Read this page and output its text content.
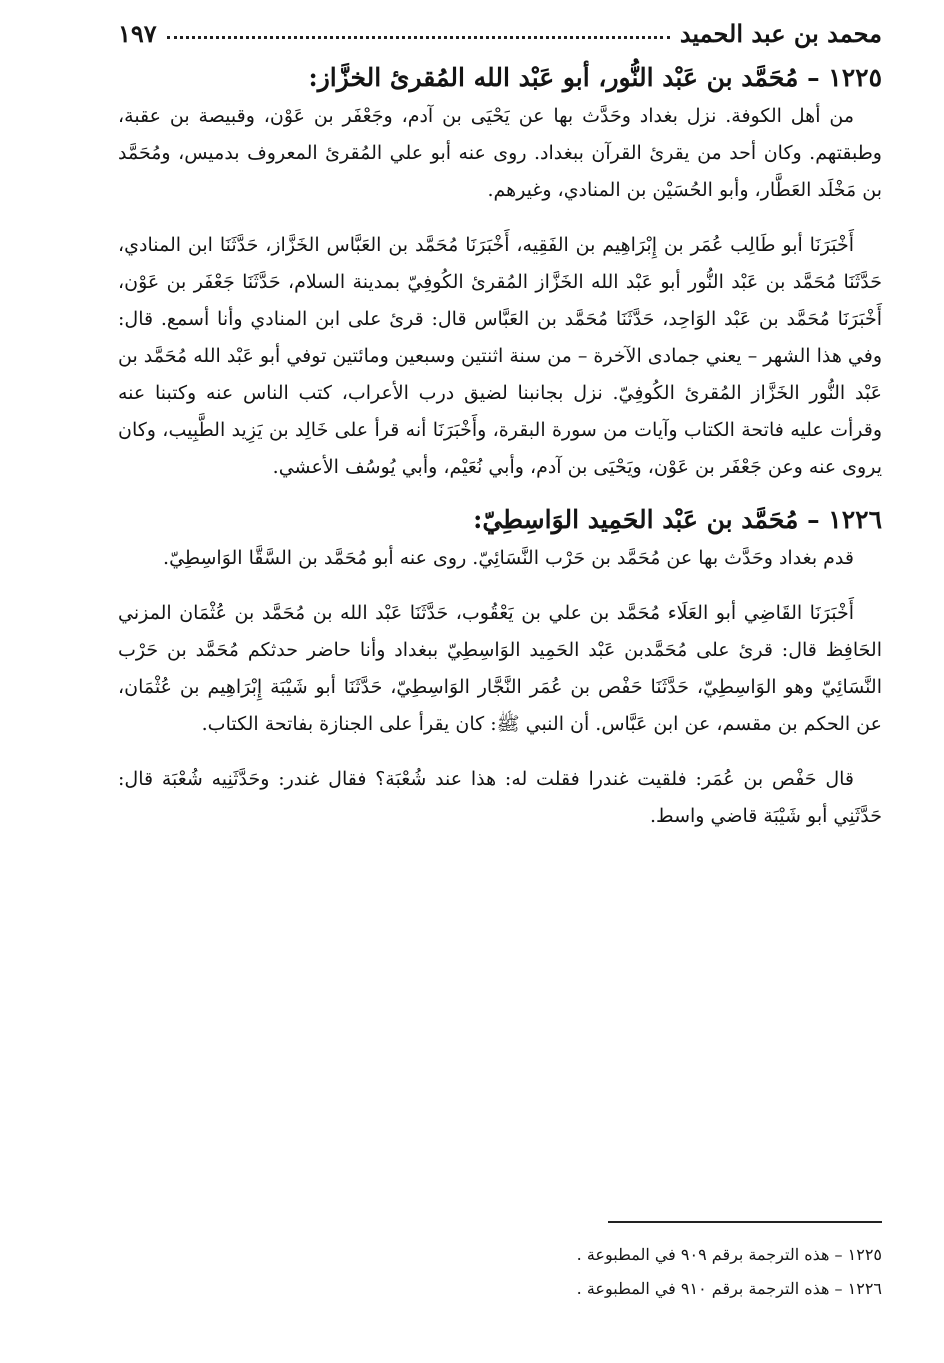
محمد بن عبد الحميد
١٩٧
١٢٢٥ – مُحَمَّد بن عَبْد النُّور، أبو عَبْد الله المُقرئ الخزَّاز:

من أهل الكوفة. نزل بغداد وحَدَّث بها عن يَحْيَى بن آدم، وجَعْفَر بن عَوْن، وقبيصة بن عقبة، وطبقتهم. وكان أحد من يقرئ القرآن ببغداد. روى عنه أبو علي المُقرئ المعروف بدميس، ومُحَمَّد بن مَخْلَد العَطَّار، وأبو الحُسَيْن بن المنادي، وغيرهم.

أَخْبَرَنَا أبو طَالِب عُمَر بن إِبْرَاهِيم بن الفَقِيه، أَخْبَرَنَا مُحَمَّد بن العَبَّاس الخَزَّاز، حَدَّثَنَا ابن المنادي، حَدَّثَنَا مُحَمَّد بن عَبْد النُّور أبو عَبْد الله الخَزَّاز المُقرئ الكُوفِيّ بمدينة السلام، حَدَّثَنَا جَعْفَر بن عَوْن، أَخْبَرَنَا مُحَمَّد بن عَبْد الوَاحِد، حَدَّثَنَا مُحَمَّد بن العَبَّاس قال: قرئ على ابن المنادي وأنا أسمع. قال: وفي هذا الشهر – يعني جمادى الآخرة – من سنة اثنتين وسبعين ومائتين توفي أبو عَبْد الله مُحَمَّد بن عَبْد النُّور الخَزَّاز المُقرئ الكُوفِيّ. نزل بجانبنا لضيق درب الأعراب، كتب الناس عنه وكتبنا عنه وقرأت عليه فاتحة الكتاب وآيات من سورة البقرة، وأَخْبَرَنَا أنه قرأ على خَالِد بن يَزِيد الطَّبِيب، وكان يروى عنه وعن جَعْفَر بن عَوْن، ويَحْيَى بن آدم، وأبي نُعَيْم، وأبي يُوسُف الأعشي.

١٢٢٦ – مُحَمَّد بن عَبْد الحَمِيد الوَاسِطِيّ:

قدم بغداد وحَدَّث بها عن مُحَمَّد بن حَرْب النَّسَائِيّ. روى عنه أبو مُحَمَّد بن السَّقَّا الوَاسِطِيّ.

أَخْبَرَنَا القَاضِي أبو العَلَاء مُحَمَّد بن علي بن يَعْقُوب، حَدَّثَنَا عَبْد الله بن مُحَمَّد بن عُثْمَان المزني الحَافِظ قال: قرئ على مُحَمَّدبن عَبْد الحَمِيد الوَاسِطِيّ ببغداد وأنا حاضر حدثكم مُحَمَّد بن حَرْب النَّسَائِيّ وهو الوَاسِطِيّ، حَدَّثَنَا حَفْص بن عُمَر النَّجَّار الوَاسِطِيّ، حَدَّثَنَا أبو شَيْبَة إِبْرَاهِيم بن عُثْمَان، عن الحكم بن مقسم، عن ابن عَبَّاس. أن النبي ﷺ: كان يقرأ على الجنازة بفاتحة الكتاب.

قال حَفْص بن عُمَر: فلقيت غندرا فقلت له: هذا عند شُعْبَة؟ فقال غندر: وحَدَّثَنِيه شُعْبَة قال: حَدَّثَنِي أبو شَيْبَة قاضي واسط.

١٢٢٥ – هذه الترجمة برقم ٩٠٩ في المطبوعة .
١٢٢٦ – هذه الترجمة برقم ٩١٠ في المطبوعة .
